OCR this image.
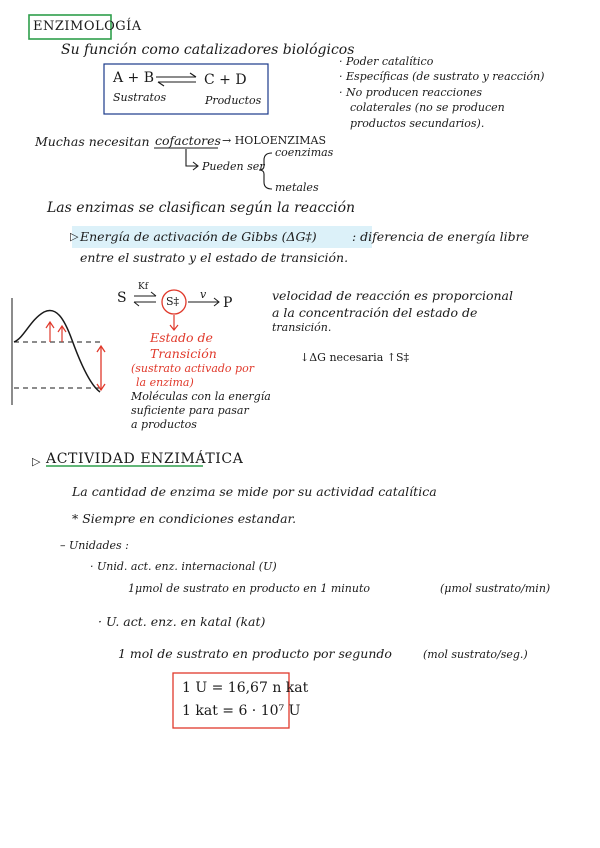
ENZIMOLOGÍA
Su función como catalizadores biológicos
A + B	C + D
Sustratos	Productos
· Poder catalítico
· Específicas (de sustrato y reacción)
· No producen reacciones
colaterales (no se producen
productos secundarios).
Muchas necesitan cofactores → HOLOENZIMAS
Pueden ser
coenzimas
metales
Las enzimas se clasifican según la reacción
▷ Energía de activación de Gibbs (ΔG‡)	: diferencia de energía libre
entre el sustrato y el estado de transición.
S
Kf
S‡
v
P
Estado de
Transición
(sustrato activado por
la enzima)
Moléculas con la energía
suficiente para pasar
a productos
velocidad de reacción es proporcional
a la concentración del estado de
transición.
↓ΔG necesaria ↑S‡
▷ ACTIVIDAD ENZIMÁTICA
La cantidad de enzima se mide por su actividad catalítica
* Siempre en condiciones estandar.
– Unidades :
· Unid. act. enz. internacional (U)
1μmol de sustrato en producto en 1 minuto	(μmol sustrato/min)
· U. act. enz. en katal (kat)
1 mol de sustrato en producto por segundo	(mol sustrato/seg.)
1 U = 16,67 n kat
1 kat = 6 · 10⁷ U
